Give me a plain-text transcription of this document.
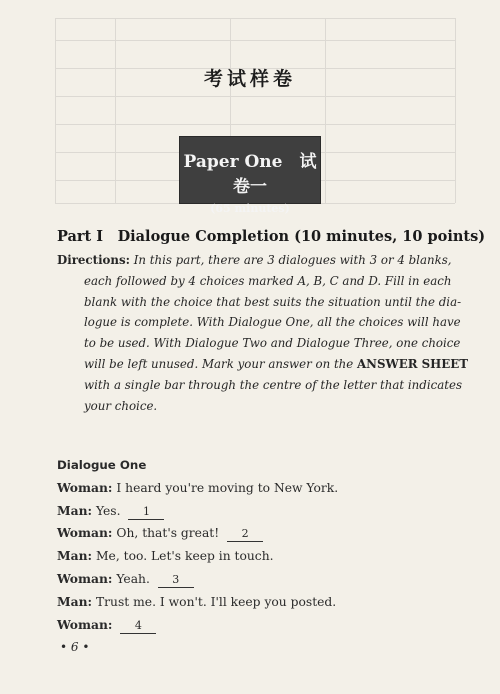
考试样卷
Paper One　试卷一
(65 minutes)
Part I　Dialogue Completion (10 minutes, 10 points)
Directions: In this part, there are 3 dialogues with 3 or 4 blanks,
each followed by 4 choices marked A, B, C and D. Fill in each
blank with the choice that best suits the situation until the dia-
logue is complete. With Dialogue One, all the choices will have
to be used. With Dialogue Two and Dialogue Three, one choice
will be left unused. Mark your answer on the ANSWER SHEET
with a single bar through the centre of the letter that indicates
your choice.
Dialogue One
Woman: I heard you're moving to New York.
Man: Yes. 1
Woman: Oh, that's great! 2
Man: Me, too. Let's keep in touch.
Woman: Yeah. 3
Man: Trust me. I won't. I'll keep you posted.
Woman: 4
• 6 •
